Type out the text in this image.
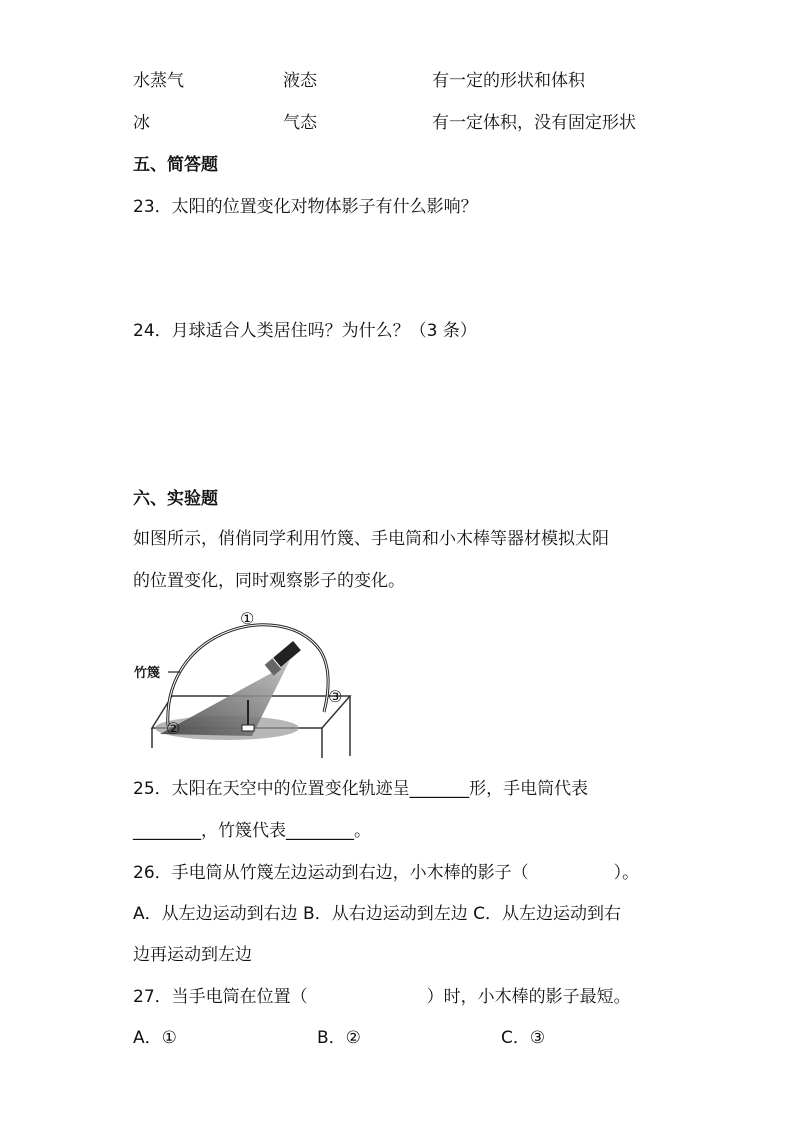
水蒸气	液态	有一定的形状和体积
冰	气态	有一定体积，没有固定形状
五、简答题
23．太阳的位置变化对物体影子有什么影响？
24．月球适合人类居住吗？为什么？（3 条）
六、实验题
如图所示，俏俏同学利用竹篾、手电筒和小木棒等器材模拟太阳
的位置变化，同时观察影子的变化。
竹篾
①
②
③
25．太阳在天空中的位置变化轨迹呈_______形，手电筒代表
________，竹篾代表________。
26．手电筒从竹篾左边运动到右边，小木棒的影子（　　　　　）。
A．从左边运动到右边 B．从右边运动到左边 C．从左边运动到右
边再运动到左边
27．当手电筒在位置（　　　　　　　）时，小木棒的影子最短。
A．①	B．②	C．③
